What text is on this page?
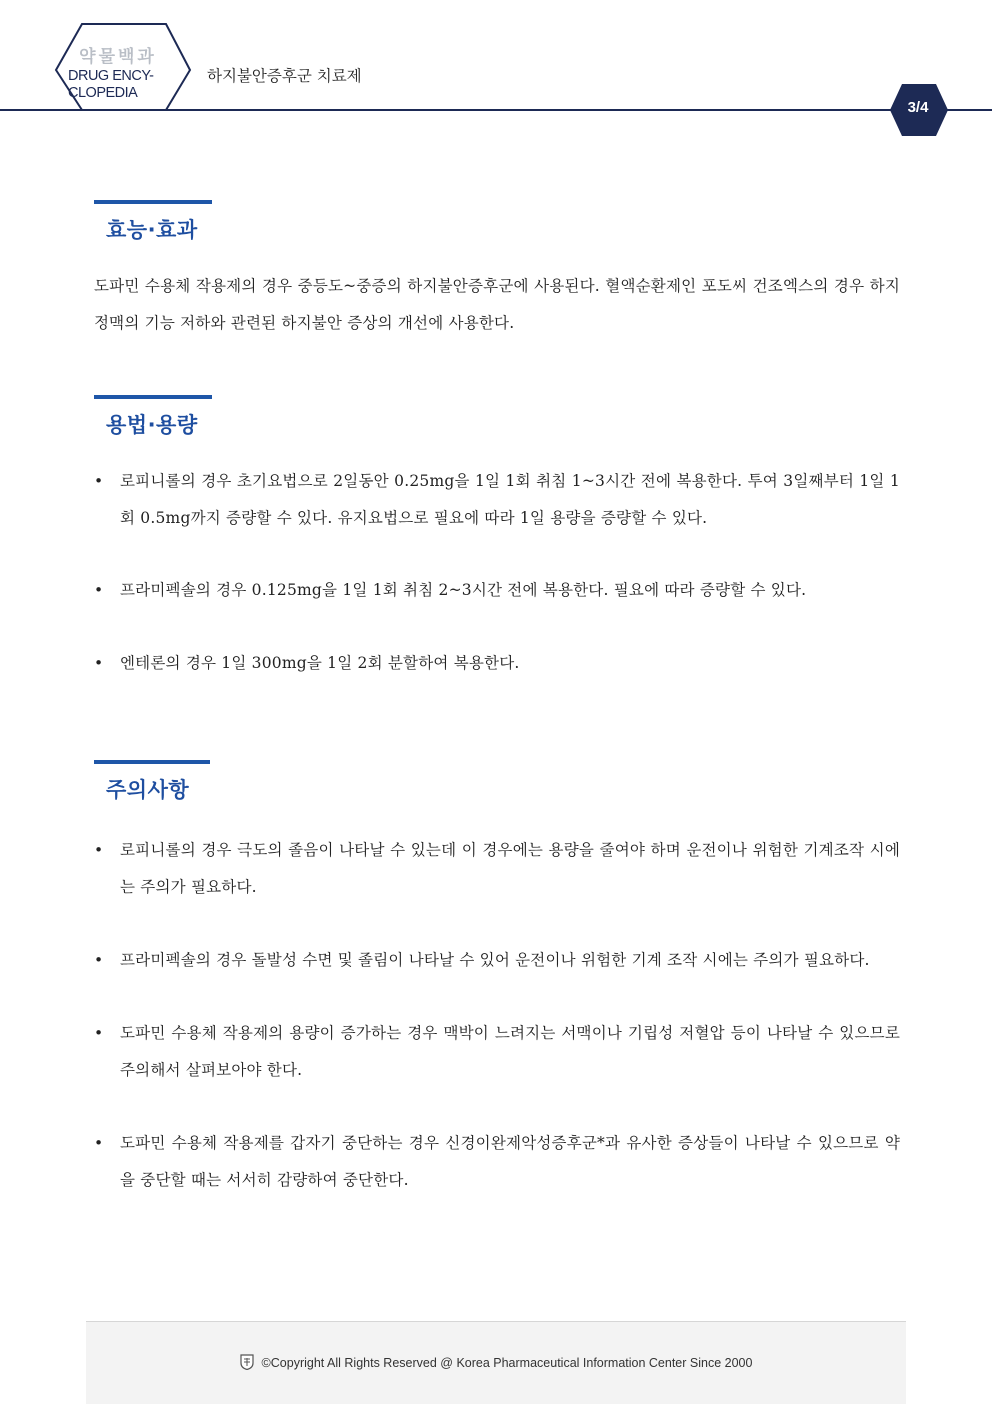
약물백과
DRUG ENCY-
CLOPEDIA
하지불안증후군 치료제
3/4
효능·효과
도파민 수용체 작용제의 경우 중등도~중증의 하지불안증후군에 사용된다. 혈액순환제인 포도씨 건조엑스의 경우 하지 정맥의 기능 저하와 관련된 하지불안 증상의 개선에 사용한다.
용법·용량
• 로피니롤의 경우 초기요법으로 2일동안 0.25mg을 1일 1회 취침 1~3시간 전에 복용한다. 투여 3일째부터 1일 1회 0.5mg까지 증량할 수 있다. 유지요법으로 필요에 따라 1일 용량을 증량할 수 있다.
• 프라미펙솔의 경우 0.125mg을 1일 1회 취침 2~3시간 전에 복용한다. 필요에 따라 증량할 수 있다.
• 엔테론의 경우 1일 300mg을 1일 2회 분할하여 복용한다.
주의사항
• 로피니롤의 경우 극도의 졸음이 나타날 수 있는데 이 경우에는 용량을 줄여야 하며 운전이나 위험한 기계조작 시에는 주의가 필요하다.
• 프라미펙솔의 경우 돌발성 수면 및 졸림이 나타날 수 있어 운전이나 위험한 기계 조작 시에는 주의가 필요하다.
• 도파민 수용체 작용제의 용량이 증가하는 경우 맥박이 느려지는 서맥이나 기립성 저혈압 등이 나타날 수 있으므로 주의해서 살펴보아야 한다.
• 도파민 수용체 작용제를 갑자기 중단하는 경우 신경이완제악성증후군*과 유사한 증상들이 나타날 수 있으므로 약을 중단할 때는 서서히 감량하여 중단한다.
©Copyright All Rights Reserved @ Korea Pharmaceutical Information Center Since 2000
